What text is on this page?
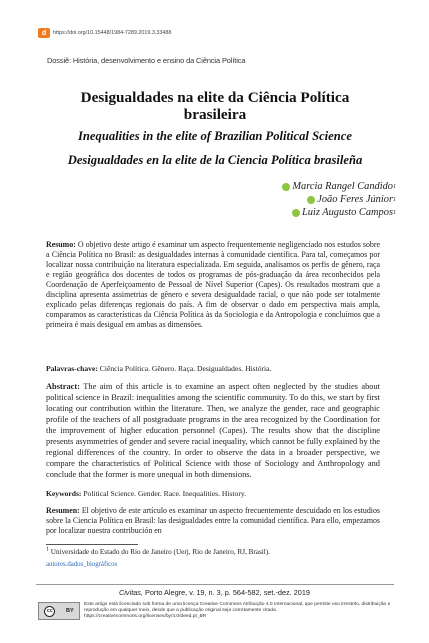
d	https://doi.org/10.15448/1984-7289.2019.3.33488
Dossiê: História, desenvolvimento e ensino da Ciência Política
Desigualdades na elite da Ciência Política
brasileira
Inequalities in the elite of Brazilian Political Science
Desigualdades en la elite de la Ciencia Política brasileña
Marcia Rangel Candido 1
João Feres Júnior 1
Luiz Augusto Campos 1
Resumo: O objetivo deste artigo é examinar um aspecto frequentemente negligenciado nos estudos sobre a Ciência Política no Brasil: as desigualdades internas à comunidade científica. Para tal, começamos por localizar nossa contribuição na literatura especializada. Em seguida, analisamos os perfis de gênero, raça e região geográfica dos docentes de todos os programas de pós-graduação da área reconhecidos pela Coordenação de Aperfeiçoamento de Pessoal de Nível Superior (Capes). Os resultados mostram que a disciplina apresenta assimetrias de gênero e severa desigualdade racial, o que não pode ser totalmente explicado pelas diferenças regionais do país. A fim de observar o dado em perspectiva mais ampla, comparamos as características da Ciência Política às da Sociologia e da Antropologia e concluímos que a primeira é mais desigual em ambas as dimensões.
Palavras-chave: Ciência Política. Gênero. Raça. Desigualdades. História.
Abstract: The aim of this article is to examine an aspect often neglected by the studies about political science in Brazil: inequalities among the scientific community. To do this, we start by first locating our contribution within the literature. Then, we analyze the gender, race and geographic profile of the teachers of all postgraduate programs in the area recognized by the Coordination for the improvement of higher education personnel (Capes). The results show that the discipline presents asymmetries of gender and severe racial inequality, which cannot be fully explained by the regional differences of the country. In order to observe the data in a broader perspective, we compare the characteristics of Political Science with those of Sociology and Anthropology and conclude that the former is more unequal in both dimensions.
Keywords: Political Science. Gender. Race. Inequalities. History.
Resumen: El objetivo de este artículo es examinar un aspecto frecuentemente descuidado en los estudios sobre la Ciencia Política en Brasil: las desigualdades entre la comunidad científica. Para ello, empezamos por localizar nuestra contribución en
$^1$ Universidade do Estado do Rio de Janeiro (Uerj, Rio de Janeiro, RJ, Brasil).
autores.dados_biográficos
Civitas, Porto Alegre, v. 19, n. 3, p. 564-582, set.-dez. 2019
cc	BY
Este artigo está licenciado sob forma de uma licença Creative Commons Atribuição 4.0 Internacional, que permite uso irrestrito, distribuição e reprodução em qualquer meio, desde que a publicação original seja corretamente citada. https://creativecommons.org/licenses/by/4.0/deed.pt_BR
